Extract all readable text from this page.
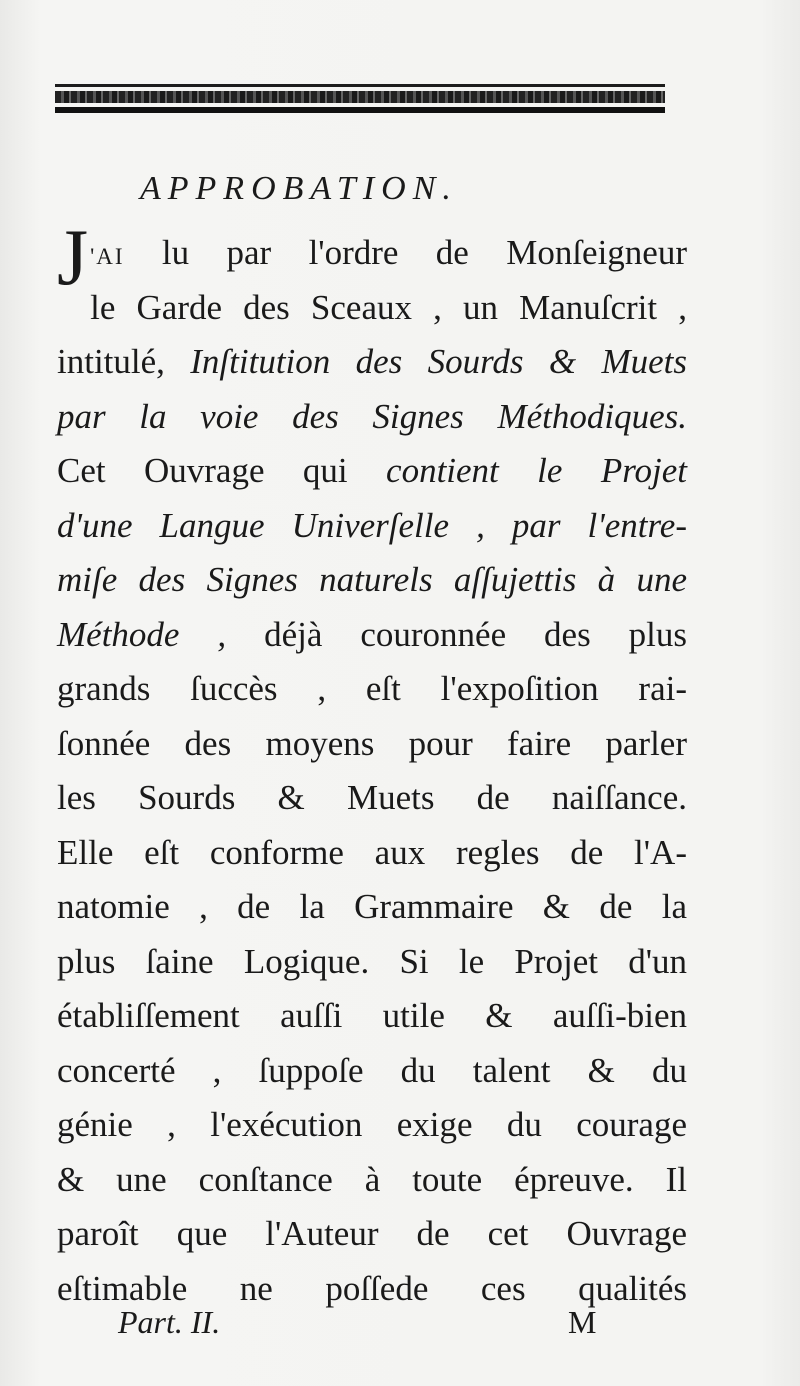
APPROBATION.
J 'AI lu par l'ordre de Monſeigneur
le Garde des Sceaux , un Manuſcrit ,
intitulé, Inſtitution des Sourds & Muets
par la voie des Signes Méthodiques.
Cet Ouvrage qui contient le Projet
d'une Langue Univerſelle , par l'entre-
miſe des Signes naturels aſſujettis à une
Méthode , déjà couronnée des plus
grands ſuccès , eſt l'expoſition rai-
ſonnée des moyens pour faire parler
les Sourds & Muets de naiſſance.
Elle eſt conforme aux regles de l'A-
natomie , de la Grammaire & de la
plus ſaine Logique. Si le Projet d'un
établiſſement auſſi utile & auſſi-bien
concerté , ſuppoſe du talent & du
génie , l'exécution exige du courage
& une conſtance à toute épreuve. Il
paroît que l'Auteur de cet Ouvrage
eſtimable ne poſſede ces qualités
Part. II.	M
